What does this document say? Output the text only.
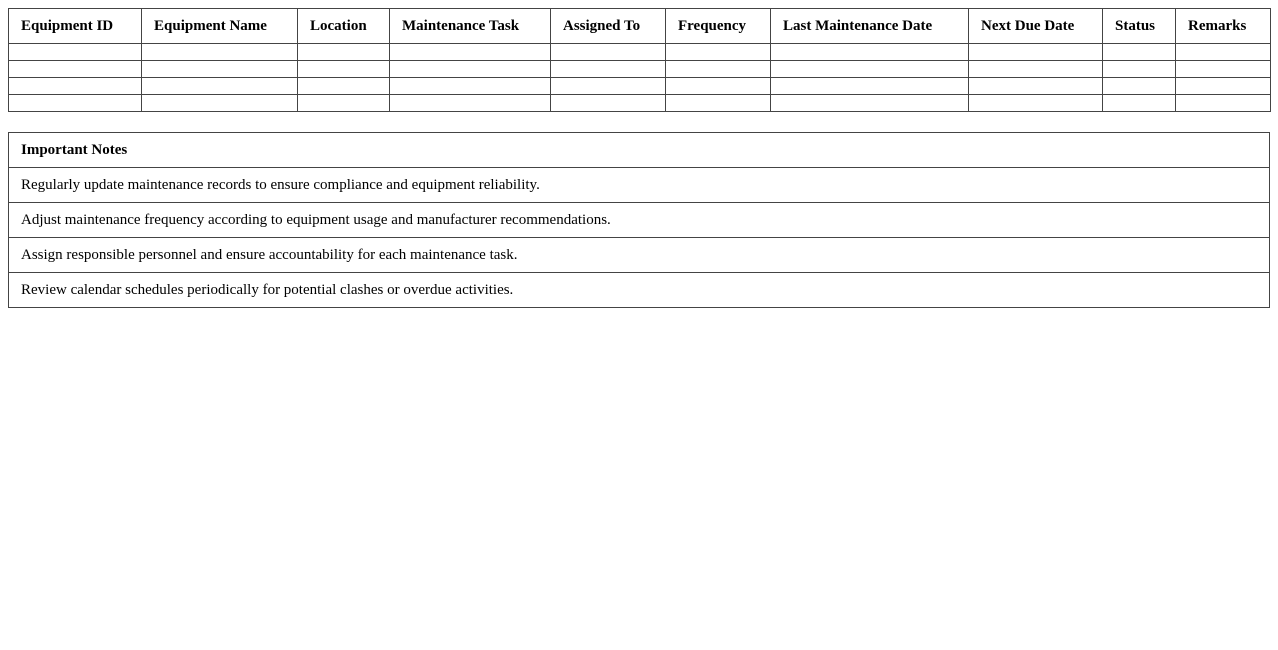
Equipment ID	Equipment Name	Location	Maintenance Task	Assigned To	Frequency	Last Maintenance Date	Next Due Date	Status	Remarks

Important Notes
Regularly update maintenance records to ensure compliance and equipment reliability.
Adjust maintenance frequency according to equipment usage and manufacturer recommendations.
Assign responsible personnel and ensure accountability for each maintenance task.
Review calendar schedules periodically for potential clashes or overdue activities.
